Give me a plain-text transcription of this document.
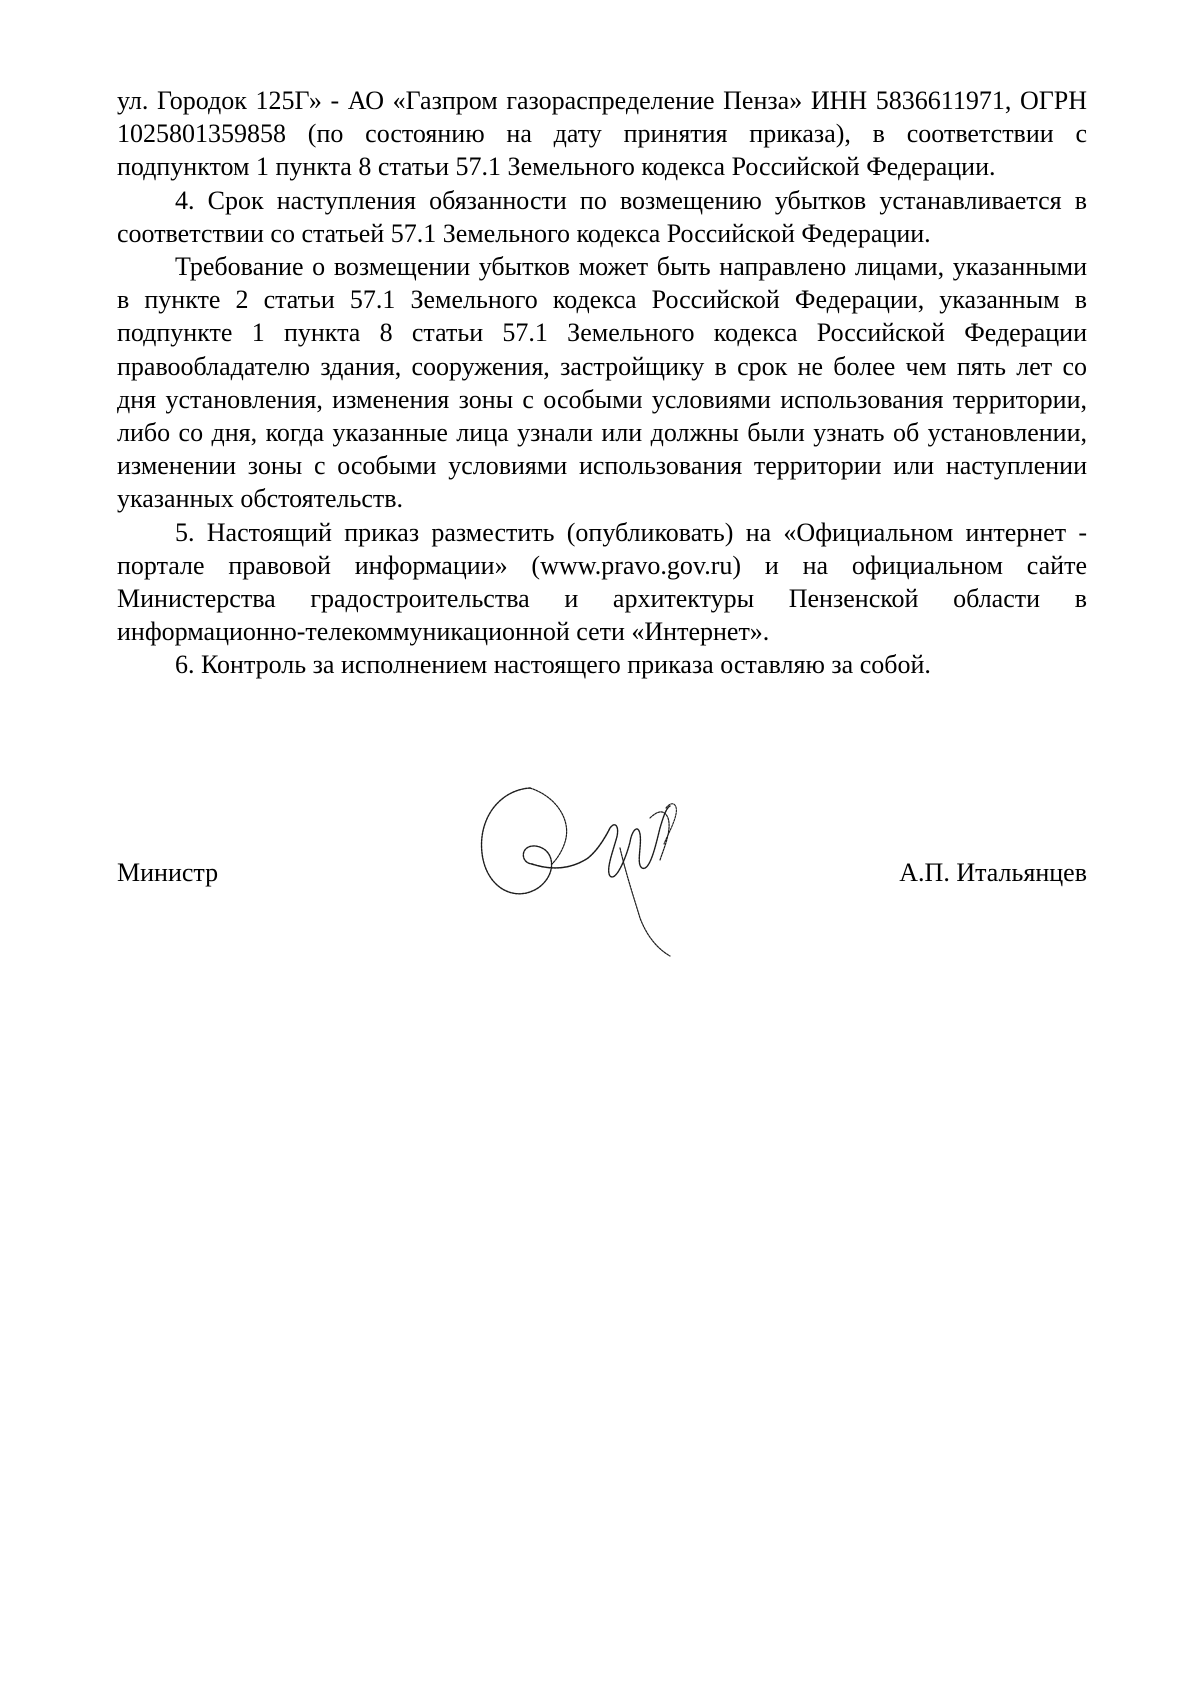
ул. Городок 125Г» - АО «Газпром газораспределение Пенза» ИНН 5836611971, ОГРН 1025801359858 (по состоянию на дату принятия приказа), в соответствии с подпунктом 1 пункта 8 статьи 57.1 Земельного кодекса Российской Федерации.

4. Срок наступления обязанности по возмещению убытков устанавливается в соответствии со статьей 57.1 Земельного кодекса Российской Федерации.

Требование о возмещении убытков может быть направлено лицами, указанными в пункте 2 статьи 57.1 Земельного кодекса Российской Федерации, указанным в подпункте 1 пункта 8 статьи 57.1 Земельного кодекса Российской Федерации правообладателю здания, сооружения, застройщику в срок не более чем пять лет со дня установления, изменения зоны с особыми условиями использования территории, либо со дня, когда указанные лица узнали или должны были узнать об установлении, изменении зоны с особыми условиями использования территории или наступлении указанных обстоятельств.

5. Настоящий приказ разместить (опубликовать) на «Официальном интернет - портале правовой информации» (www.pravo.gov.ru) и на официальном сайте Министерства градостроительства и архитектуры Пензенской области в информационно-телекоммуникационной сети «Интернет».

6. Контроль за исполнением настоящего приказа оставляю за собой.

Министр	А.П. Итальянцев
